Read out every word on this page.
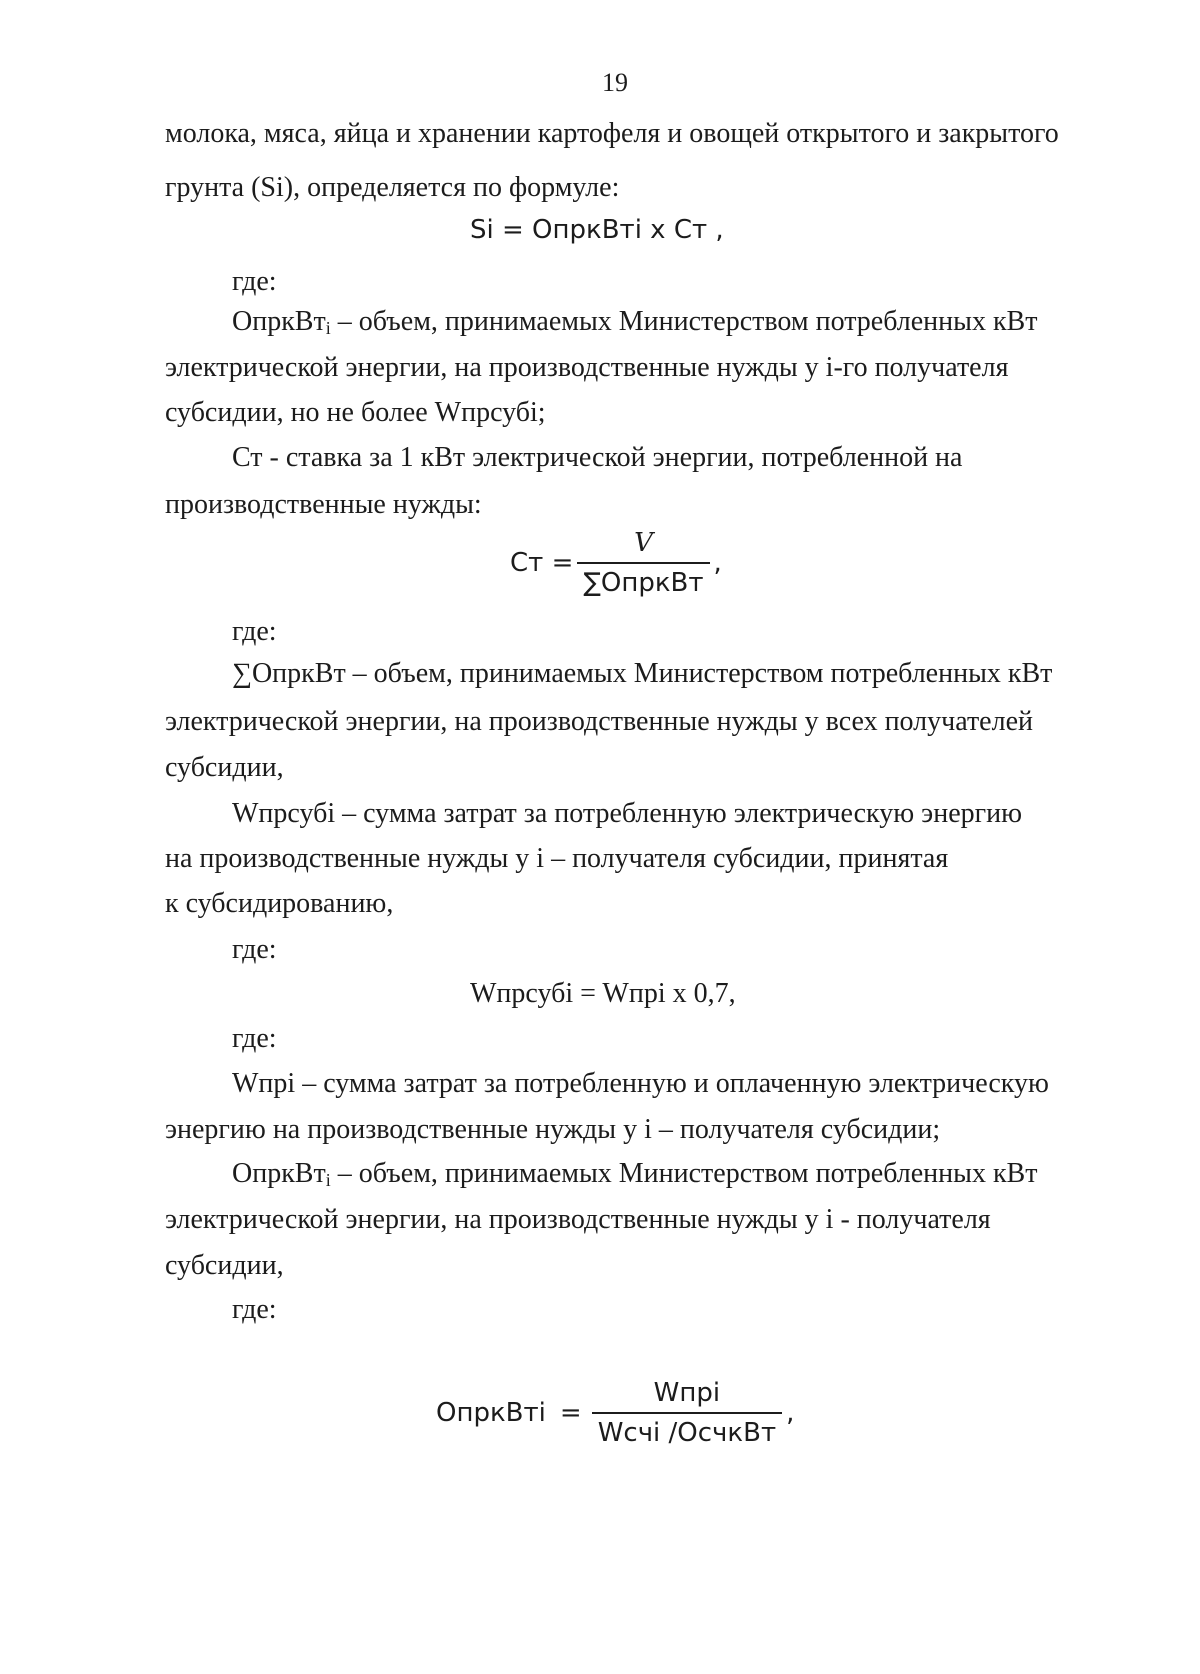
19
молока, мяса, яйца и хранении картофеля и овощей открытого и закрытого
грунта (Si), определяется по формуле:
Si = ОпркВтi х Ст ,
где:
ОпркВт$_i$ – объем, принимаемых Министерством потребленных кВт
электрической энергии, на производственные нужды у i-го получателя
субсидии, но не более Wпрсубi;
Ст - ставка за 1 кВт электрической энергии, потребленной на
производственные нужды:
Ст = $\frac{V}{\text{∑ОпркВт}}$ ,
где:
∑ОпркВт – объем, принимаемых Министерством потребленных кВт
электрической энергии, на производственные нужды у всех получателей
субсидии,
Wпрсубi – сумма затрат за потребленную электрическую энергию
на производственные нужды у i – получателя субсидии, принятая
к субсидированию,
где:
Wпрсубi = Wпрi х 0,7,
где:
Wпрi – сумма затрат за потребленную и оплаченную электрическую
энергию на производственные нужды у i – получателя субсидии;
ОпркВт$_i$ – объем, принимаемых Министерством потребленных кВт
электрической энергии, на производственные нужды у i - получателя
субсидии,
где:
ОпркВтi = $\frac{\text{Wпрi}}{\text{Wсчi /ОсчкВт}}$ ,
